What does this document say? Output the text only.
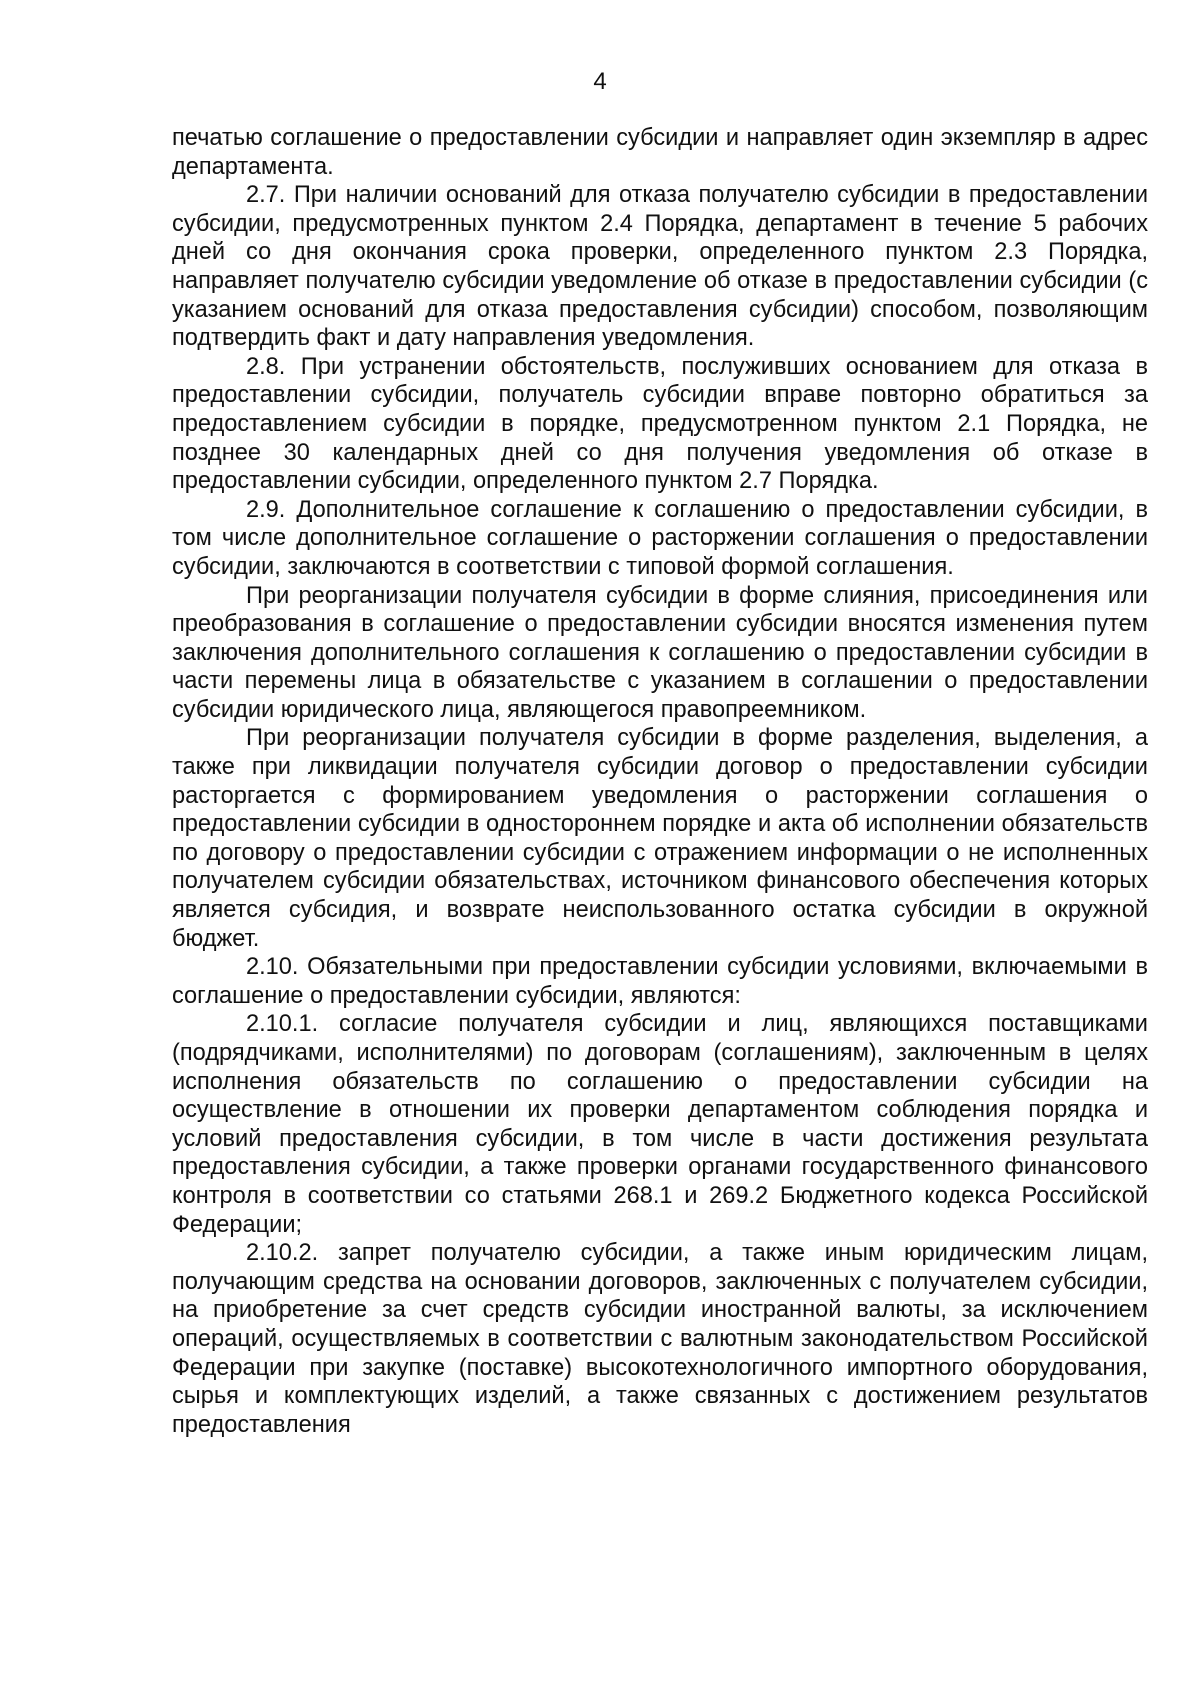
4

печатью соглашение о предоставлении субсидии и направляет один экземпляр в адрес департамента.

2.7. При наличии оснований для отказа получателю субсидии в предоставлении субсидии, предусмотренных пунктом 2.4 Порядка, департамент в течение 5 рабочих дней со дня окончания срока проверки, определенного пунктом 2.3 Порядка, направляет получателю субсидии уведомление об отказе в предоставлении субсидии (с указанием оснований для отказа предоставления субсидии) способом, позволяющим подтвердить факт и дату направления уведомления.

2.8. При устранении обстоятельств, послуживших основанием для отказа в предоставлении субсидии, получатель субсидии вправе повторно обратиться за предоставлением субсидии в порядке, предусмотренном пунктом 2.1 Порядка, не позднее 30 календарных дней со дня получения уведомления об отказе в предоставлении субсидии, определенного пунктом 2.7 Порядка.

2.9. Дополнительное соглашение к соглашению о предоставлении субсидии, в том числе дополнительное соглашение о расторжении соглашения о предоставлении субсидии, заключаются в соответствии с типовой формой соглашения.

При реорганизации получателя субсидии в форме слияния, присоединения или преобразования в соглашение о предоставлении субсидии вносятся изменения путем заключения дополнительного соглашения к соглашению о предоставлении субсидии в части перемены лица в обязательстве с указанием в соглашении о предоставлении субсидии юридического лица, являющегося правопреемником.

При реорганизации получателя субсидии в форме разделения, выделения, а также при ликвидации получателя субсидии договор о предоставлении субсидии расторгается с формированием уведомления о расторжении соглашения о предоставлении субсидии в одностороннем порядке и акта об исполнении обязательств по договору о предоставлении субсидии с отражением информации о не исполненных получателем субсидии обязательствах, источником финансового обеспечения которых является субсидия, и возврате неиспользованного остатка субсидии в окружной бюджет.

2.10. Обязательными при предоставлении субсидии условиями, включаемыми в соглашение о предоставлении субсидии, являются:

2.10.1. согласие получателя субсидии и лиц, являющихся поставщиками (подрядчиками, исполнителями) по договорам (соглашениям), заключенным в целях исполнения обязательств по соглашению о предоставлении субсидии на осуществление в отношении их проверки департаментом соблюдения порядка и условий предоставления субсидии, в том числе в части достижения результата предоставления субсидии, а также проверки органами государственного финансового контроля в соответствии со статьями 268.1 и 269.2 Бюджетного кодекса Российской Федерации;

2.10.2. запрет получателю субсидии, а также иным юридическим лицам, получающим средства на основании договоров, заключенных с получателем субсидии, на приобретение за счет средств субсидии иностранной валюты, за исключением операций, осуществляемых в соответствии с валютным законодательством Российской Федерации при закупке (поставке) высокотехнологичного импортного оборудования, сырья и комплектующих изделий, а также связанных с достижением результатов предоставления
